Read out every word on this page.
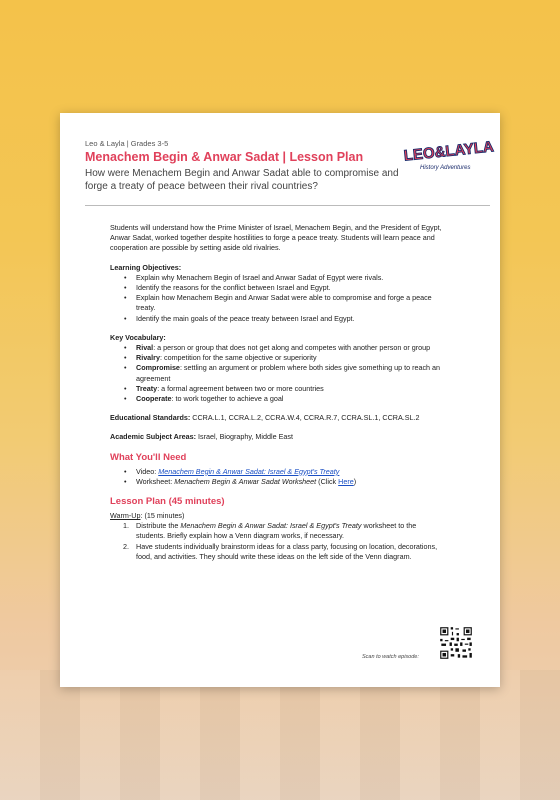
Leo & Layla | Grades 3-5
Menachem Begin & Anwar Sadat | Lesson Plan
How were Menachem Begin and Anwar Sadat able to compromise and forge a treaty of peace between their rival countries?
LEO&LAYLA
History Adventures

Students will understand how the Prime Minister of Israel, Menachem Begin, and the President of Egypt, Anwar Sadat, worked together despite hostilities to forge a peace treaty. Students will learn peace and cooperation are possible by setting aside old rivalries.

Learning Objectives:
• Explain why Menachem Begin of Israel and Anwar Sadat of Egypt were rivals.
• Identify the reasons for the conflict between Israel and Egypt.
• Explain how Menachem Begin and Anwar Sadat were able to compromise and forge a peace treaty.
• Identify the main goals of the peace treaty between Israel and Egypt.
Key Vocabulary:
• Rival: a person or group that does not get along and competes with another person or group
• Rivalry: competition for the same objective or superiority
• Compromise: settling an argument or problem where both sides give something up to reach an agreement
• Treaty: a formal agreement between two or more countries
• Cooperate: to work together to achieve a goal

Educational Standards: CCRA.L.1, CCRA.L.2, CCRA.W.4, CCRA.R.7, CCRA.SL.1, CCRA.SL.2

Academic Subject Areas: Israel, Biography, Middle East

What You'll Need
• Video: Menachem Begin & Anwar Sadat: Israel & Egypt's Treaty
• Worksheet: Menachem Begin & Anwar Sadat Worksheet (Click Here)
Lesson Plan (45 minutes)
Warm-Up: (15 minutes)
Distribute the Menachem Begin & Anwar Sadat: Israel & Egypt's Treaty worksheet to the students. Briefly explain how a Venn diagram works, if necessary.
Have students individually brainstorm ideas for a class party, focusing on location, decorations, food, and activities. They should write these ideas on the left side of the Venn diagram.
Scan to watch episode:
